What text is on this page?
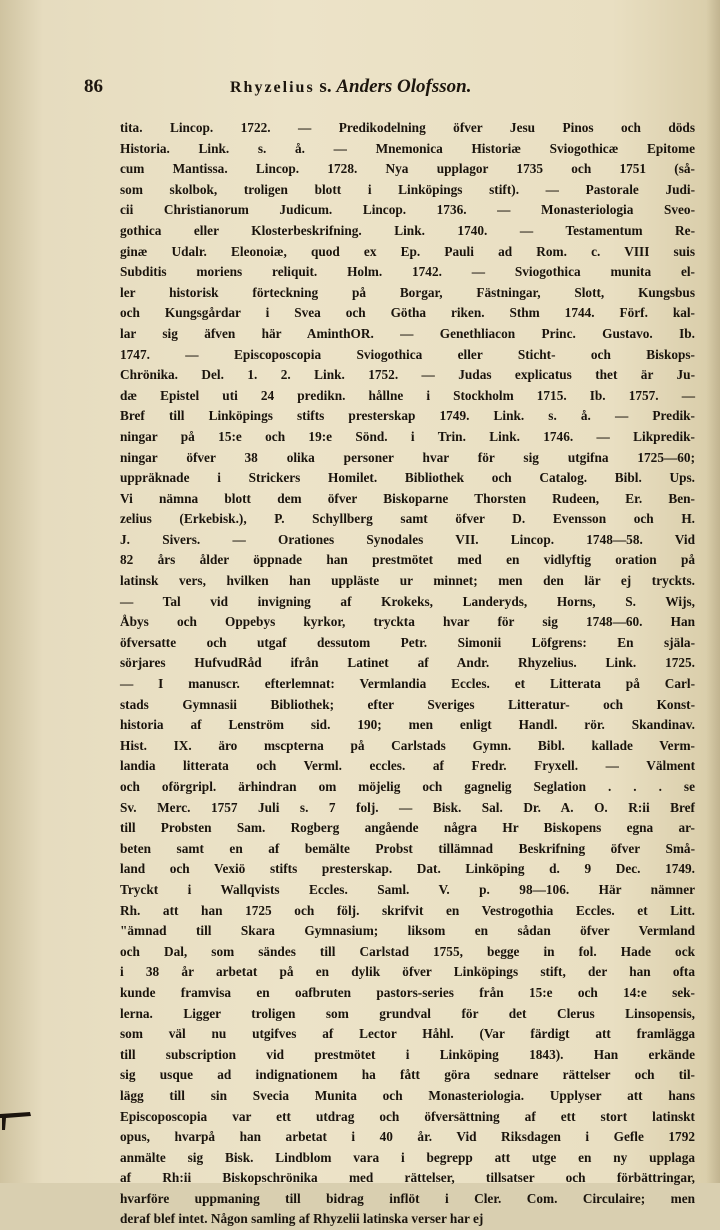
86	Rhyzelius s. Anders Olofsson.
tita. Lincop. 1722. — Predikodelning öfver Jesu Pinos och döds
Historia. Link. s. å. — Mnemonica Historiæ Sviogothicæ Epitome
cum Mantissa. Lincop. 1728. Nya upplagor 1735 och 1751 (så-
som skolbok, troligen blott i Linköpings stift). — Pastorale Judi-
cii Christianorum Judicum. Lincop. 1736. — Monasteriologia Sveo-
gothica eller Klosterbeskrifning. Link. 1740. — Testamentum Re-
ginæ Udalr. Eleonoiæ, quod ex Ep. Pauli ad Rom. c. VIII suis
Subditis moriens reliquit. Holm. 1742. — Sviogothica munita el-
ler historisk förteckning på Borgar, Fästningar, Slott, Kungsbus
och Kungsgårdar i Svea och Götha riken. Sthm 1744. Förf. kal-
lar sig äfven här AminthOR. — Genethliacon Princ. Gustavo. Ib.
1747. — Episcoposcopia Sviogothica eller Sticht- och Biskops-
Chrönika. Del. 1. 2. Link. 1752. — Judas explicatus thet är Ju-
dæ Epistel uti 24 predikn. hållne i Stockholm 1715. Ib. 1757. —
Bref till Linköpings stifts presterskap 1749. Link. s. å. — Predik-
ningar på 15:e och 19:e Sönd. i Trin. Link. 1746. — Likpredik-
ningar öfver 38 olika personer hvar för sig utgifna 1725—60;
uppräknade i Strickers Homilet. Bibliothek och Catalog. Bibl. Ups.
Vi nämna blott dem öfver Biskoparne Thorsten Rudeen, Er. Ben-
zelius (Erkebisk.), P. Schyllberg samt öfver D. Evensson och H.
J. Sivers. — Orationes Synodales VII. Lincop. 1748—58. Vid
82 års ålder öppnade han prestmötet med en vidlyftig oration på
latinsk vers, hvilken han uppläste ur minnet; men den lär ej tryckts.
— Tal vid invigning af Krokeks, Landeryds, Horns, S. Wijs,
Åbys och Oppebys kyrkor, tryckta hvar för sig 1748—60. Han
öfversatte och utgaf dessutom Petr. Simonii Löfgrens: En själa-
sörjares HufvudRåd ifrån Latinet af Andr. Rhyzelius. Link. 1725.
— I manuscr. efterlemnat: Vermlandia Eccles. et Litterata på Carl-
stads Gymnasii Bibliothek; efter Sveriges Litteratur- och Konst-
historia af Lenström sid. 190; men enligt Handl. rör. Skandinav.
Hist. IX. äro mscpterna på Carlstads Gymn. Bibl. kallade Verm-
landia litterata och Verml. eccles. af Fredr. Fryxell. — Välment
och oförgripl. ärhindran om möjelig och gagnelig Seglation . . . se
Sv. Merc. 1757 Juli s. 7 folj. — Bisk. Sal. Dr. A. O. R:ii Bref
till Probsten Sam. Rogberg angående några Hr Biskopens egna ar-
beten samt en af bemälte Probst tillämnad Beskrifning öfver Små-
land och Vexiö stifts presterskap. Dat. Linköping d. 9 Dec. 1749.
Tryckt i Wallqvists Eccles. Saml. V. p. 98—106. Här nämner
Rh. att han 1725 och följ. skrifvit en Vestrogothia Eccles. et Litt.
"ämnad till Skara Gymnasium; liksom en sådan öfver Vermland
och Dal, som sändes till Carlstad 1755, begge in fol. Hade ock
i 38 år arbetat på en dylik öfver Linköpings stift, der han ofta
kunde framvisa en oafbruten pastors-series från 15:e och 14:e sek-
lerna. Ligger troligen som grundval för det Clerus Linsopensis,
som väl nu utgifves af Lector Håhl. (Var färdigt att framlägga
till subscription vid prestmötet i Linköping 1843). Han erkände
sig usque ad indignationem ha fått göra sednare rättelser och til-
lägg till sin Svecia Munita och Monasteriologia. Upplyser att hans
Episcoposcopia var ett utdrag och öfversättning af ett stort latinskt
opus, hvarpå han arbetat i 40 år. Vid Riksdagen i Gefle 1792
anmälte sig Bisk. Lindblom vara i begrepp att utge en ny upplaga
af Rh:ii Biskopschrönika med rättelser, tillsatser och förbättringar,
hvarföre uppmaning till bidrag inflöt i Cler. Com. Circulaire; men
deraf blef intet. Någon samling af Rhyzelii latinska verser har ej
